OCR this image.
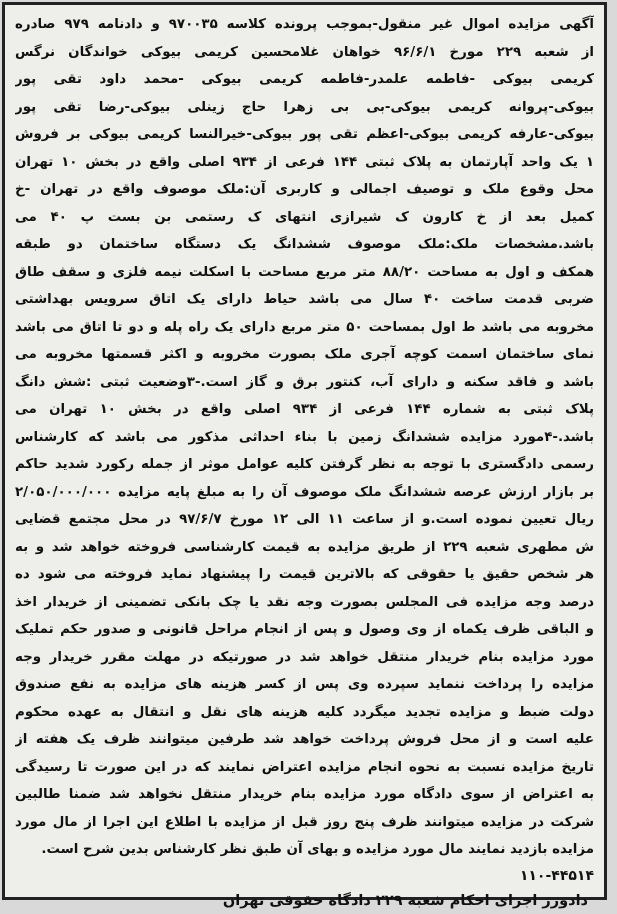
آگهی مزایده اموال غیر منقول-بموجب پرونده کلاسه ۹۷۰۰۳۵ و دادنامه ۹۷۹ صادره
از شعبه ۲۲۹ مورخ ۹۶/۶/۱ خواهان غلامحسین کریمی بیوکی خواندگان نرگس
کریمی بیوکی -فاطمه علمدر-فاطمه کریمی بیوکی -محمد داود تقی پور
بیوکی-پروانه کریمی بیوکی-بی بی زهرا حاج زینلی بیوکی-رضا تقی پور
بیوکی-عارفه کریمی بیوکی-اعظم تقی پور بیوکی-خیرالنسا کریمی بیوکی بر فروش
۱ یک واحد آپارتمان به پلاک ثبتی ۱۴۴ فرعی از ۹۳۴ اصلی واقع در بخش ۱۰ تهران
محل وقوع ملک و توصیف اجمالی و کاربری آن:ملک موصوف واقع در تهران -خ
کمیل بعد از خ کارون ک شیرازی انتهای ک رستمی بن بست پ ۴۰ می
باشد.مشخصات ملک:ملک موصوف ششدانگ یک دستگاه ساختمان دو طبقه
همکف و اول به مساحت ۸۸/۲۰ متر مربع مساحت با اسکلت نیمه فلزی و سقف طاق
ضربی قدمت ساخت ۴۰ سال می باشد حیاط دارای یک اتاق سرویس بهداشتی
مخروبه می باشد ط اول بمساحت ۵۰ متر مربع دارای یک راه پله و دو تا اتاق می باشد
نمای ساختمان اسمت کوچه آجری ملک بصورت مخروبه و اکثر قسمتها مخروبه می
باشد و فاقد سکنه و دارای آب، کنتور برق و گاز است.-۳وضعیت ثبتی :شش دانگ
پلاک ثبتی به شماره ۱۴۴ فرعی از ۹۳۴ اصلی واقع در بخش ۱۰ تهران می
باشد.-۴مورد مزایده ششدانگ زمین با بناء احداثی مذکور می باشد که کارشناس
رسمی دادگستری با توجه به نظر گرفتن کلیه عوامل موثر از جمله رکورد شدید حاکم
بر بازار ارزش عرصه ششدانگ ملک موصوف آن را به مبلغ پایه مزایده ۲/۰۵۰/۰۰۰/۰۰۰
ریال تعیین نموده است.و از ساعت ۱۱ الی ۱۲ مورخ ۹۷/۶/۷ در محل مجتمع قضایی
ش مطهری شعبه ۲۲۹ از طریق مزایده به قیمت کارشناسی فروخته خواهد شد و به
هر شخص حقیق یا حقوقی که بالاترین قیمت را پیشنهاد نماید فروخته می شود ده
درصد وجه مزایده فی المجلس بصورت وجه نقد یا چک بانکی تضمینی از خریدار اخذ
و الباقی ظرف یکماه از وی وصول و پس از انجام مراحل قانونی و صدور حکم تملیک
مورد مزایده بنام خریدار منتقل خواهد شد در صورتیکه در مهلت مقرر خریدار وجه
مزایده را پرداخت ننماید سپرده وی پس از کسر هزینه های مزایده به نفع صندوق
دولت ضبط و مزایده تجدید میگردد کلیه هزینه های نقل و انتقال به عهده محکوم
علیه است و از محل فروش پرداخت خواهد شد طرفین میتوانند ظرف یک هفته از
تاریخ مزایده نسبت به نحوه انجام مزایده اعتراض نمایند که در این صورت تا رسیدگی
به اعتراض از سوی دادگاه مورد مزایده بنام خریدار منتقل نخواهد شد ضمنا طالبین
شرکت در مزایده میتوانند ظرف پنج روز قبل از مزایده با اطلاع این اجرا از مال مورد
مزایده بازدید نمایند مال مورد مزایده و بهای آن طبق نظر کارشناس بدین شرح است.
۱۱۰-۴۴۵۱۴
دادورز اجرای احکام شعبه ۲۲۹ دادگاه حقوقی تهران
